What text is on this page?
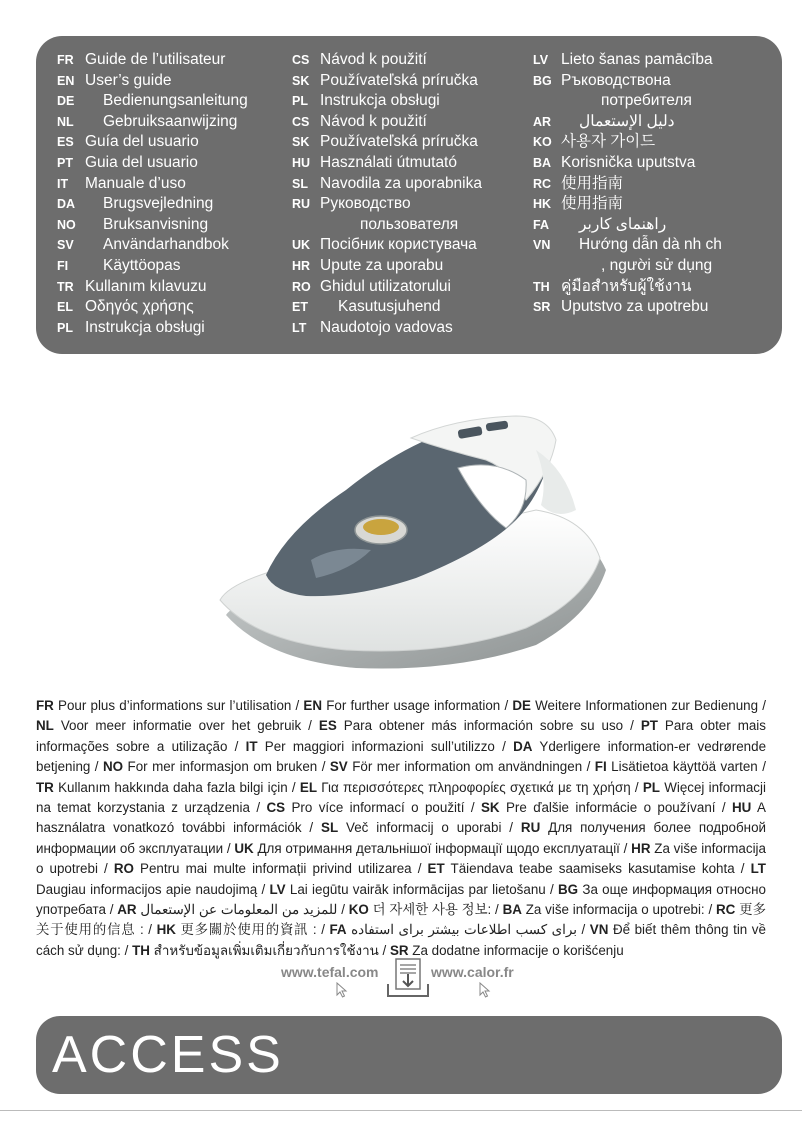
FR Guide de l’utilisateur
EN User’s guide
DE	Bedienungsanleitung
NL	Gebruiksaanwijzing
ES Guía del usuario
PT Guia del usuario
IT	Manuale d’uso
DA	Brugsvejledning
NO	Bruksanvisning
SV	Användarhandbok
FI	Käyttöopas
TR Kullanım kılavuzu
EL Οδηγός χρήσης
PL Instrukcja obsługi
CS Návod k použití
SK Používateľská príručka
PL Instrukcja obsługi
CS Návod k použití
SK Používateľská príručka
HU Használati útmutató
SL Navodila za uporabnika
RU Руководство
пользователя
UK Посібник користувача
HR Upute za uporabu
RO Ghidul utilizatorului
ET	Kasutusjuhend
LT Naudotojo vadovas
LV Lieto šanas pamācība
BG Ръководствона
потребителя
AR	دليل الإستعمال
KO 사용자 가이드
BA Korisnička uputstva
RC 使用指南
HK 使用指南
FA	راهنمای کاربر
VN	Hướng dẫn dà nh ch
, người sử dụng
TH คู่มือสำหรับผู้ใช้งาน
SR Uputstvo za upotrebu
FR Pour plus d’informations sur l’utilisation / EN For further usage information / DE Weitere Informationen zur Bedienung / NL Voor meer informatie over het gebruik / ES Para obtener más información sobre su uso / PT Para obter mais informações sobre a utilização / IT Per maggiori informazioni sull’utilizzo / DA Yderligere information-er vedrørende betjening / NO For mer informasjon om bruken / SV För mer information om användningen / FI Lisätietoa käyttöä varten / TR Kullanım hakkında daha fazla bilgi için / EL Για περισσότερες πληροφορίες σχετικά με τη χρήση / PL Więcej informacji na temat korzystania z urządzenia / CS Pro více informací o použití / SK Pre ďalšie informácie o používaní / HU A használatra vonatkozó további információk / SL Več informacij o uporabi / RU Для получения более подробной информации об эксплуатации / UK Для отримання детальнішої інформації щодо експлуатації / HR Za više informacija o upotrebi / RO Pentru mai multe informații privind utilizarea / ET Täiendava teabe saamiseks kasutamise kohta / LT Daugiau informacijos apie naudojimą / LV Lai iegūtu vairāk informācijas par lietošanu / BG За още информация относно употребата / AR للمزيد من المعلومات عن الإستعمال / KO 더 자세한 사용 정보: / BA Za više informacija o upotrebi: / RC 更多关于使用的信息 : / HK 更多關於使用的資訊 : / FA برای کسب اطلاعات بیشتر برای استفاده / VN Để biết thêm thông tin về cách sử dụng: / TH สำหรับข้อมูลเพิ่มเติมเกี่ยวกับการใช้งาน / SR Za dodatne informacije o korišćenju
www.tefal.com	www.calor.fr
ACCESS
